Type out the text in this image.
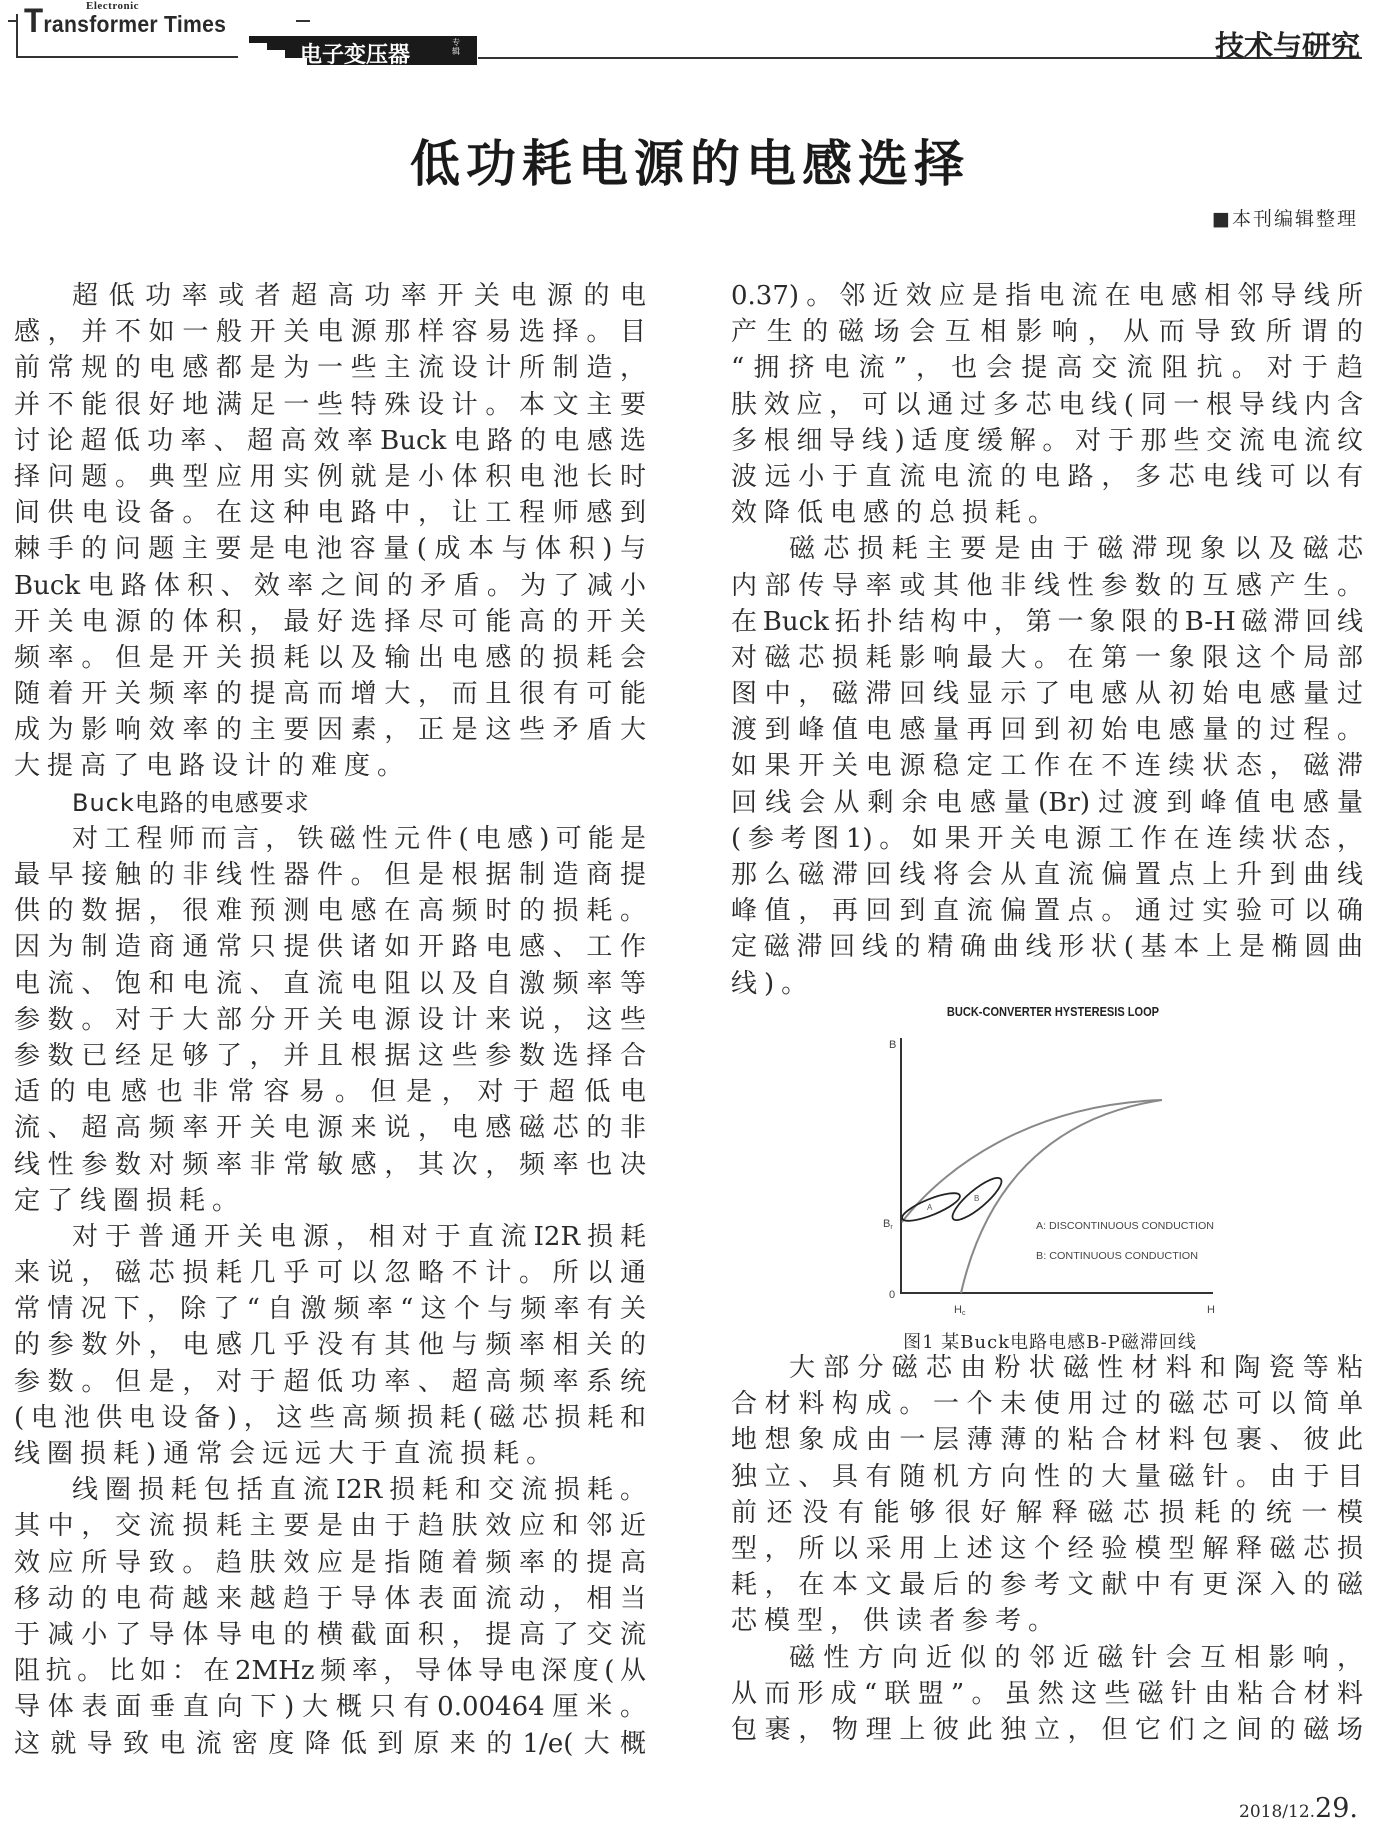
Electronic
Transformer Times
电子变压器
专辑	技术与研究
低功耗电源的电感选择
■本刊编辑整理
超低功率或者超高功率开关电源的电
感，并不如一般开关电源那样容易选择。目
前常规的电感都是为一些主流设计所制造，
并不能很好地满足一些特殊设计。本文主要
讨论超低功率、超高效率Buck电路的电感选
择问题。典型应用实例就是小体积电池长时
间供电设备。在这种电路中，让工程师感到
棘手的问题主要是电池容量(成本与体积)与
Buck电路体积、效率之间的矛盾。为了减小
开关电源的体积，最好选择尽可能高的开关
频率。但是开关损耗以及输出电感的损耗会
随着开关频率的提高而增大，而且很有可能
成为影响效率的主要因素，正是这些矛盾大
大提高了电路设计的难度。
Buck电路的电感要求
对工程师而言，铁磁性元件(电感)可能是
最早接触的非线性器件。但是根据制造商提
供的数据，很难预测电感在高频时的损耗。
因为制造商通常只提供诸如开路电感、工作
电流、饱和电流、直流电阻以及自激频率等
参数。对于大部分开关电源设计来说，这些
参数已经足够了，并且根据这些参数选择合
适的电感也非常容易。但是，对于超低电
流、超高频率开关电源来说，电感磁芯的非
线性参数对频率非常敏感，其次，频率也决
定了线圈损耗。
对于普通开关电源，相对于直流I2R损耗
来说，磁芯损耗几乎可以忽略不计。所以通
常情况下，除了“自激频率“这个与频率有关
的参数外，电感几乎没有其他与频率相关的
参数。但是，对于超低功率、超高频率系统
(电池供电设备)，这些高频损耗(磁芯损耗和
线圈损耗)通常会远远大于直流损耗。
线圈损耗包括直流I2R损耗和交流损耗。
其中，交流损耗主要是由于趋肤效应和邻近
效应所导致。趋肤效应是指随着频率的提高
移动的电荷越来越趋于导体表面流动，相当
于减小了导体导电的横截面积，提高了交流
阻抗。比如：在2MHz频率，导体导电深度(从
导体表面垂直向下)大概只有0.00464厘米。
这就导致电流密度降低到原来的1/e(大概
0.37)。邻近效应是指电流在电感相邻导线所
产生的磁场会互相影响，从而导致所谓的
“拥挤电流”，也会提高交流阻抗。对于趋
肤效应，可以通过多芯电线(同一根导线内含
多根细导线)适度缓解。对于那些交流电流纹
波远小于直流电流的电路，多芯电线可以有
效降低电感的总损耗。
磁芯损耗主要是由于磁滞现象以及磁芯
内部传导率或其他非线性参数的互感产生。
在Buck拓扑结构中，第一象限的B-H磁滞回线
对磁芯损耗影响最大。在第一象限这个局部
图中，磁滞回线显示了电感从初始电感量过
渡到峰值电感量再回到初始电感量的过程。
如果开关电源稳定工作在不连续状态，磁滞
回线会从剩余电感量(Br)过渡到峰值电感量
(参考图1)。如果开关电源工作在连续状态，
那么磁滞回线将会从直流偏置点上升到曲线
峰值，再回到直流偏置点。通过实验可以确
定磁滞回线的精确曲线形状(基本上是椭圆曲
线)。
大部分磁芯由粉状磁性材料和陶瓷等粘
合材料构成。一个未使用过的磁芯可以简单
地想象成由一层薄薄的粘合材料包裹、彼此
独立、具有随机方向性的大量磁针。由于目
前还没有能够很好解释磁芯损耗的统一模
型，所以采用上述这个经验模型解释磁芯损
耗，在本文最后的参考文献中有更深入的磁
芯模型，供读者参考。
磁性方向近似的邻近磁针会互相影响，
从而形成“联盟”。虽然这些磁针由粘合材料
包裹，物理上彼此独立，但它们之间的磁场
BUCK-CONVERTER HYSTERESIS LOOP
B
H
0
Br
Hc
A
B
A: DISCONTINUOUS CONDUCTION
B: CONTINUOUS CONDUCTION
图1 某Buck电路电感B-P磁滞回线
2018/12.29.
